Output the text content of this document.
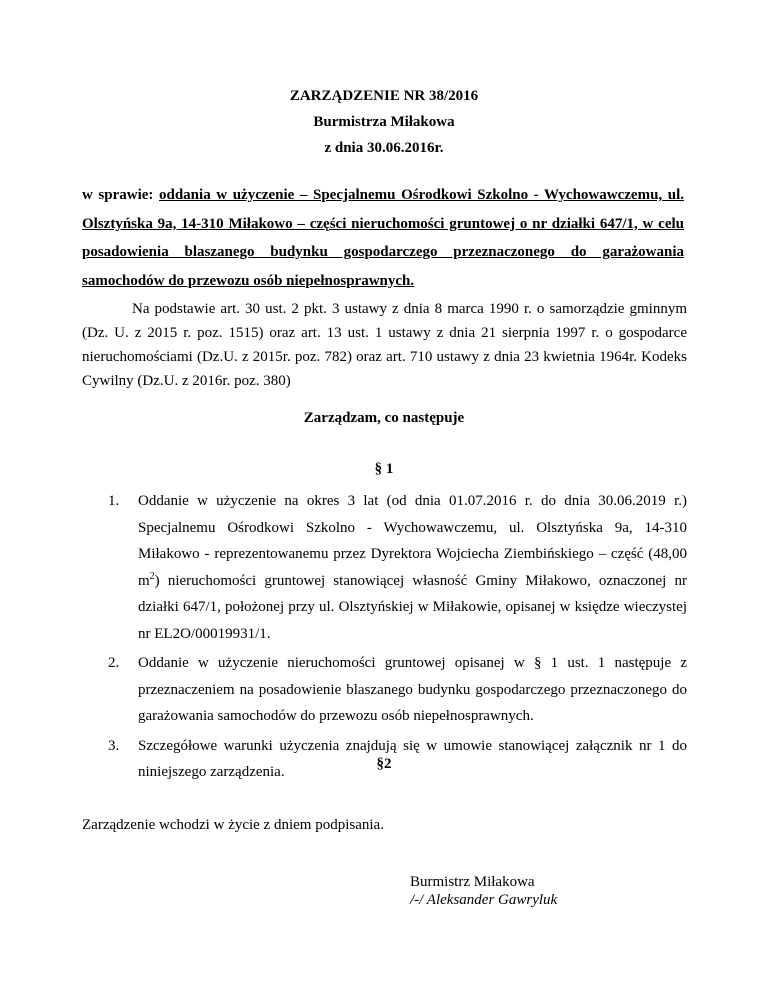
ZARZĄDZENIE NR 38/2016
Burmistrza Miłakowa
z dnia 30.06.2016r.
w sprawie: oddania w użyczenie – Specjalnemu Ośrodkowi Szkolno - Wychowawczemu, ul. Olsztyńska 9a, 14-310 Miłakowo – części nieruchomości gruntowej o nr działki 647/1, w celu posadowienia blaszanego budynku gospodarczego przeznaczonego do garażowania samochodów do przewozu osób niepełnosprawnych.
Na podstawie art. 30 ust. 2 pkt. 3 ustawy z dnia 8 marca 1990 r. o samorządzie gminnym (Dz. U. z 2015 r. poz. 1515) oraz art. 13 ust. 1 ustawy z dnia 21 sierpnia 1997 r. o gospodarce nieruchomościami (Dz.U. z 2015r. poz. 782) oraz art. 710 ustawy z dnia 23 kwietnia 1964r. Kodeks Cywilny (Dz.U. z 2016r. poz. 380)
Zarządzam, co następuje
§ 1
1. Oddanie w użyczenie na okres 3 lat (od dnia 01.07.2016 r. do dnia 30.06.2019 r.) Specjalnemu Ośrodkowi Szkolno - Wychowawczemu, ul. Olsztyńska 9a, 14-310 Miłakowo - reprezentowanemu przez Dyrektora Wojciecha Ziembińskiego – część (48,00 $m^2$) nieruchomości gruntowej stanowiącej własność Gminy Miłakowo, oznaczonej nr działki 647/1, położonej przy ul. Olsztyńskiej w Miłakowie, opisanej w księdze wieczystej nr EL2O/00019931/1.
2. Oddanie w użyczenie nieruchomości gruntowej opisanej w § 1 ust. 1 następuje z przeznaczeniem na posadowienie blaszanego budynku gospodarczego przeznaczonego do garażowania samochodów do przewozu osób niepełnosprawnych.
3. Szczegółowe warunki użyczenia znajdują się w umowie stanowiącej załącznik nr 1 do niniejszego zarządzenia.	§2
Zarządzenie wchodzi w życie z dniem podpisania.
Burmistrz Miłakowa
/-/ Aleksander Gawryluk
